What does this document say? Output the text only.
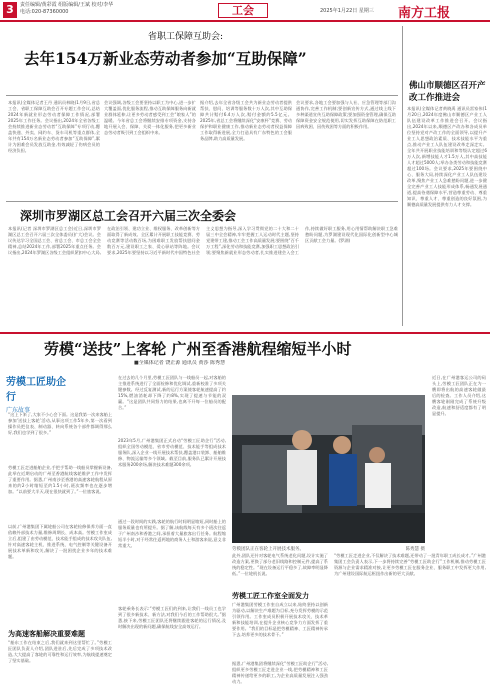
3	责任编辑/黄彩霞 组版编辑/王斌 校对/李华
电话:020-87360000	工会	2025年1月22日 星期三 南方工报
省职工保障互助会:
去年154万新业态劳动者参加“互助保障”
本报讯(全媒体记者王丹 通讯员林晓)1月9日,省总工会、省职工保障互助会召开专题工作会议,总结2024年新就业形态劳动者保障工作情况,部署2025年工作任务。会议指出,2024年全省各级工会持续推进新业态劳动者“互助保障”专项行动,覆盖快递、外卖、网约车、货车司机等重点群体,全年共有154万名新业态劳动者参加“互助保障”,累计为困难会员发放互助金,有效减轻了伤病会员的经济负担。
会议强调,各级工会要坚持以职工为中心,进一步扩大覆盖面,优化服务流程,推动互助保障服务向新就业群体延伸,让更多劳动者感受到工会“娘家人”的温暖。今年省总工会将继续安排专项资金,支持各地开展入会、保障、关爱一体化服务,把更多新业态劳动者吸引到工会组织中来。
据介绍,去年全省各级工会共为新业态劳动者提供帮扶、慰问、培训等服务数十万人次,其中互助保障共计赔付6.4万人次,赔付金额约5.5亿元。2025年,省总工会将继续深化“安康杯”竞赛、劳动保护和职业健康工作,推动新业态劳动者权益保障工作取得新进展,全力打造具有广东特色的工会服务品牌,助力高质量发展。
会议要求,各地工会要加强与人社、应急管理等部门沟通协作,完善工作机制;要创新宣传方式,通过线上线下多种渠道宣传互助保障政策;要加强资金管理,确保互助保障资金安全规范使用,切实发挥互助保障在防范职工因病致困、因伤致困等方面的积极作用。
佛山市顺德区召开产改工作推进会
本报讯(全媒体记者黄晓禹 通讯员雷家伟)1月20日,2024年度佛山市顺德区产业工人队伍建设改革工作推进会召开。会议指出,2024年以来,顺德区产改办和各成员单位坚持党对产改工作的全面领导,以提升产业工人思想政治素质、技术技能水平为重点,推动产业工人队伍建设改革走深走实。全年共开展职业技能培训和等级认定超过6万人次,新增技能人才1.5万人,其中高技能人才超过5000人;举办各类劳动和技能竞赛超过100场。会议要求,2025年要围绕中心、服务大局,持续深化产业工人队伍建设改革,聚焦产业工人急难愁盼问题,进一步健全完善产业工人技能形成体系,畅通发展通道,提高待遇保障水平,营造尊重劳动、尊重知识、尊重人才、尊重创造的良好氛围,为顺德高质量发展提供有力人才支撑。
深圳市罗湖区总工会召开六届三次全委会
本报讯(记者 深圳市罗湖区总工会)近日,深圳市罗湖区总工会召开六届三次全体委员(扩大)会议。会议传达学习全国总工会、省总工会、市总工会全会精神,总结2024年工作,部署2025年重点任务。会议指出,2024年罗湖区各级工会组织紧扣中心大局,在政治引领、建功立业、维权服务、改革创新等方面取得了新成效。全区累计开展职工技能竞赛、劳动竞赛等活动数百场,为困难职工发放帮扶慰问金数百万元,建设职工之家、爱心驿站等阵地。会议要求,2025年要坚持以习近平新时代中国特色社会主义思想为指导,深入学习贯彻党的二十大和二十届三中全会精神,牢牢把握工人运动时代主题,坚持党建带工建,推动工会工作高质量发展;要围绕“百千万工程”,深化劳动和技能竞赛,加强职工思想政治引领;要聚焦新就业形态劳动者,扎实推进建会入会工作,持续做好职工服务,用心用情帮助解决职工急难愁盼问题,为罗湖建设现代化国际化创新型中心城区贡献工会力量。(罗湖)
劳模“送技”上客轮 广州至香港航程缩短半小时
■全媒体记者 饶正源 通讯员 黄莎 陈秀慧
劳模工匠助企行
广东故事
“这上下来了,大家不小心会下面。这是我第一次来客船上参加‘送技上客轮’活动,从事这项工作5年多,第一次看到操作员把仪表、制动器、转向系统各个部件都调得那么好,我们也学到了很多。”
劳模工匠走进船舶企业,手把手帮助一线船员掌握新设备,此举在近期启动的广州至香港航线客轮维护工作中发挥了重要作用。据悉,广州南沙至香港的高速客轮航程从原来的约2小时缩短至约1.5小时,班次频率也在逐步增加。“以前要大半天,现在很快就到了。”一位旅客说。
以前,广州港集团下属轮船公司在客轮检修保养方面一直依赖外部技术力量,维修周期长、成本高。劳模工作室成立后,组建了由劳动模范、技术能手组成的技术攻关队伍,针对高速客轮主机、推进系统、电气控制等关键设备开展技术革新和攻关,解决了一批困扰企业多年的技术难题。
为高速客船解决重要难题
“船东工作在结束之后,我们就来到这里帮忙了。”劳模工匠团队负责人介绍,团队进驻后,先后完成了多项技术改造,大大提高了客轮的可靠性和运行效率,为航线提速奠定了坚实基础。
在过去的几个月里,劳模工匠团队与一线船员一起,对客船的主推进系统进行了全面检修和优化调试,重新校准了多项关键参数。经过反复测试,新的运行方案使客轮航速提高了约15%,燃油消耗却下降了约8%,实现了提速与节能的双赢。“这是团队共同努力的结果,也离不开每一位船员的配合。”
2023年5月,广州港集团正式启动“劳模工匠助企行”活动,组织全国劳动模范、省市劳动模范、技术能手等组成技术服务队,深入企业一线开展技术帮扶,覆盖港口装卸、船舶维修、物流运输等多个领域。截至目前,服务队已累计开展技术服务200余场,解决技术难题300余项。
通过一段时间的实践,客轮的航行时间明显缩短,同时船上的服务质量也有所提升。据了解,该航线每天有多个班次往返于广州南沙和香港之间,承担着大量旅客出行任务。航程缩短半小时,对于经常往返两地的商务人士和游客来说,意义非常重大。
客轮乘务长表示:“劳模工匠们的到来,让我们一线员工也学到了很多新技术、新方法,对我们今后的工作帮助很大。”据悉,接下来,劳模工匠团队还将继续跟进客轮的运行情况,及时解决出现的新问题,确保航线安全高效运行。
劳模团队正在客轮上开展技术服务。	陈秀慧 摄
此外,团队还针对客轮电气系统老化问题,设计实施了改造方案,更换了部分老旧线路和控制元件,提高了系统的稳定性。“现在设备运行平稳多了,故障率明显降低。”一位轮机长说。
劳模工匠工作室全面发力
广州港集团劳模工作室自成立以来,始终坚持以创新为驱动,以解决生产难题为目标,充分发挥劳模的示范引领作用。工作室成员积极开展技术攻关、技术革新和技能培训,在提升企业核心竞争力方面发挥了重要作用。“我们的目标是把劳模精神、工匠精神传承下去,培养更多的技术骨干。”
据悉,广州港集团将继续深化“劳模工匠助企行”活动,组织更多劳模工匠走进企业一线,把劳模精神和工匠精神传递给更多的职工,为企业高质量发展注入强劲动力。
近日,在广州港客运公司的码头上,劳模工匠团队正在为一艘即将出航的高速客轮做最后的检查。工作人员介绍,这艘客轮刚刚完成了系统升级改造,航速和舒适度都有了明显提升。
“劳模工匠走进企业,不仅解决了技术难题,还带动了一批青年职工成长成才。”广州港集团工会负责人表示,下一步将持续完善“劳模工匠助企行”工作机制,推动劳模工匠资源与企业需求精准对接,让更多劳模工匠在服务企业、服务职工中发挥更大作用,为广州建设国际航运枢纽作出新的更大贡献。
